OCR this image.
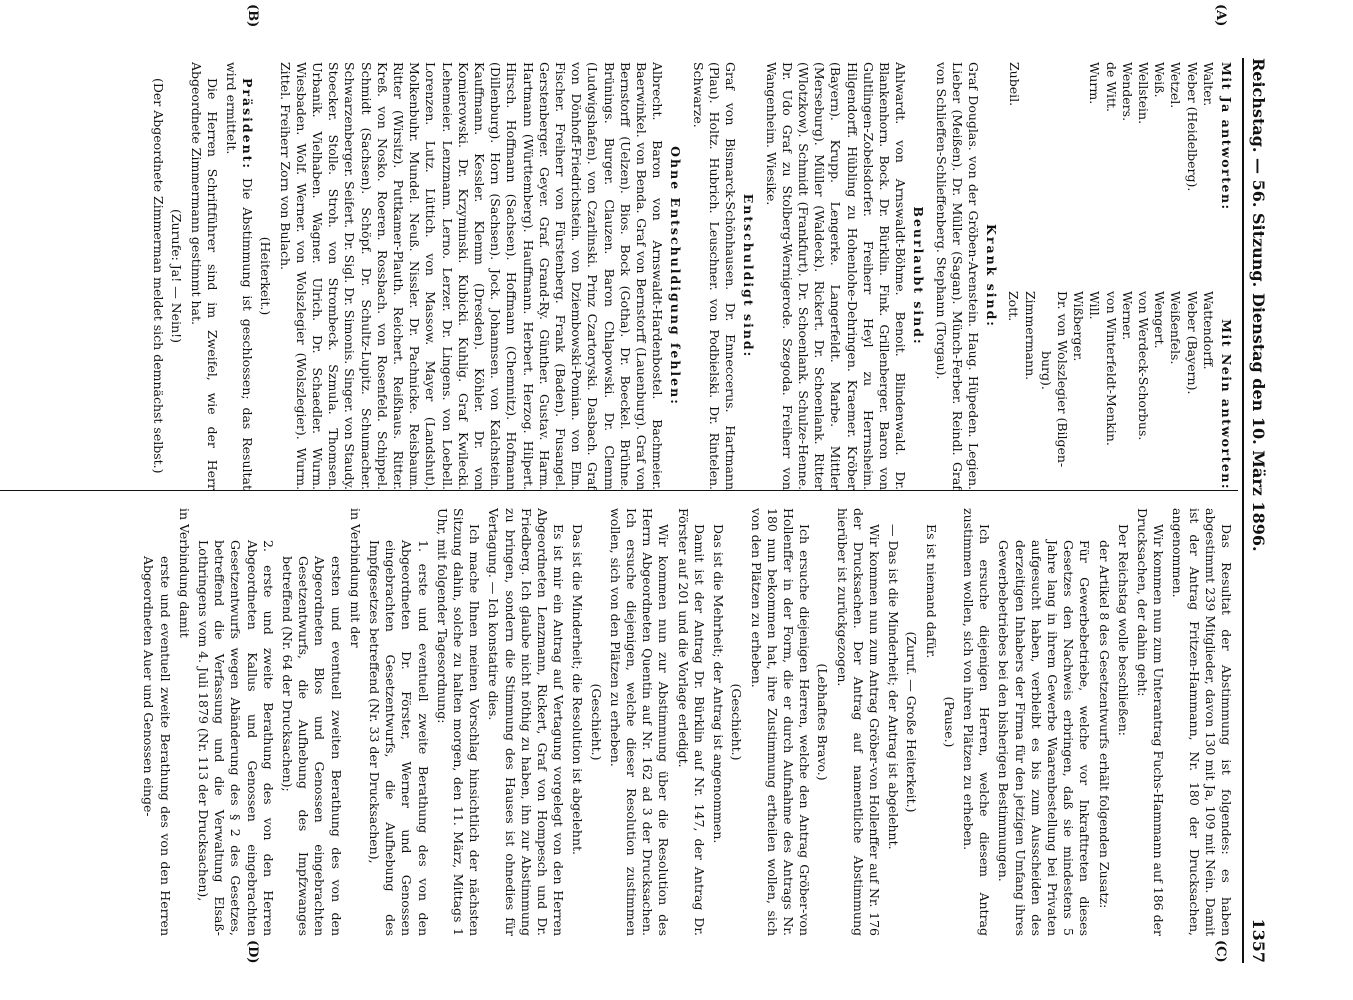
Reichstag. — 56. Sitzung.
Dienstag den 10. März 1896.
1357
(A)
(B)
(C)
(D)
Mit Ja antworten:
Mit Nein antworten:
Walter.
Weber (Heidelberg).
Wetzel.
Weiß.
Wellstein.
Wenders.
de Witt.
Wurm.
Zubeil.
Wattendorff.
Weber (Bayern).
Weißenfels.
Wengert.
von Werdeck-Schorbus.
Werner.
von Winterfeldt-Menkin.
Will.
Wißberger.
Dr. von Wolszlegier (Bilgen-
burg).
Zimmermann.
Zott.
Krank sind:

Graf Douglas. von der Gröben-Arenstein. Haug. Hüpeden. Legien. Lieber (Meißen). Dr. Müller (Sagan). Münch-Ferber. Reindl. Graf von Schlieffen-Schlieffenberg. Stephann (Torgau).

Beurlaubt sind:

Ahlwardt. von Arnswaldt-Böhme. Benoit. Blindenwald. Dr. Blankenhorn. Bock. Dr. Bürklin. Fink. Grillenberger. Baron von Gultlingen-Zobelsdorfer. Freiherr Heyl zu Herrnsheim. Hilgendorff. Hübling zu Hohenlohe-Dehringen. Kraemer. Kröber (Bayern). Krupp. Lengerke. Langerfeldt. Marbe. Mittler (Merseburg). Müller (Waldeck). Rickert. Dr. Schoenlank. Ritter (Wlotzkow). Schmidt (Frankfurt). Dr. Schoenlank. Schulze-Henne. Dr. Udo Graf zu Stolberg-Wernigerode. Szegoda. Freiherr von Wangenheim. Wiesike.

Entschuldigt sind:

Graf von Bismarck-Schönhausen. Dr. Enneccerus. Hartmann (Plau). Holtz. Hubrich. Leuschner. von Podbielski. Dr. Rintelen. Schwarze.

Ohne Entschuldigung fehlen:

Albrecht. Baron von Arnswaldt-Hardenbostel. Bachmeier. Baerwinkel. von Benda. Graf von Bernstorff (Lauenburg). Graf von Bernstorff (Uelzen). Bios. Bock (Gotha). Dr. Boeckel. Brühne. Brünings. Burger. Clauzen. Baron Chlapowski. Dr. Clemm (Ludwigshafen). von Czarlinski. Prinz Czartoryski. Dasbach. Graf von Dönhoff-Friedrichstein. von Dziembowski-Pomian. von Elm. Fischer. Freiherr von Fürstenberg. Frank (Baden). Fusangel. Gerstenberger. Geyer. Graf. Grand-Ry. Günther. Gustav. Harm. Hartmann (Württemberg). Hauffmann. Herbert. Herzog. Hilpert. Hirsch. Hoffmann (Sachsen). Hoffmann (Chemnitz). Hofmann (Dillenburg). Horn (Sachsen). Jock. Johannsen. von Kalchstein. Kauffmann. Kessler. Klemm (Dresden). Köhler. Dr. von Komierowski. Dr. Krzyminski. Kubicki. Kuhlig. Graf Kwilecki. Lehemeier. Lenzmann. Lerno. Lerzer. Dr. Lingens. von Loebell. Lorenzen. Lutz. Lüttich. von Massow. Mayer (Landshut). Molkenbuhr. Mundel. Neuß. Nissler. Dr. Pachnicke. Reisbaum. Ritter (Wirsitz). Puttkamer-Plauth. Reichert. Reißhaus. Ritter. Kreß. von Nosko. Roeren. Rossbach. von Rosenfeld. Schippel. Schmidt (Sachsen). Schöpf. Dr. Schultz-Lupitz. Schumacher. Schwarzenberger. Seifert. Dr. Sigl. Dr. Simonis. Singer. von Staudy. Stoecker. Stolle. Stroh. von Strombeck. Szmula. Thomsen. Urbanik. Vielhaben. Wagner. Ulrich. Dr. Schaedler. Wurm. Wiesbaden. Wolf. Werner. von Wolszlegier (Wolszlegier). Wurm. Zittel. Freiherr Zorn von Bulach.

(Heiterkeit.)

Präsident: Die Abstimmung ist geschlossen; das Resultat wird ermittelt.

Die Herren Schriftführer sind im Zweifel, wie der Herr Abgeordnete Zimmermann gestimmt hat.

(Zurufe: Ja! — Nein!)

(Der Abgeordnete Zimmerman meldet sich demnächst selbst.)

Das Resultat der Abstimmung ist folgendes: es haben abgestimmt 239 Mitglieder, davon 130 mit Ja, 109 mit Nein. Damit ist der Antrag Fritzen-Hammann, Nr. 180 der Drucksachen, angenommen.

Wir kommen nun zum Unterantrag Fuchs-Hammann auf 186 der Drucksachen, der dahin geht:

Der Reichstag wolle beschließen:

der Artikel 8 des Gesetzentwurfs erhält folgenden Zusatz:

Für Gewerbebetriebe, welche vor Inkrafttreten dieses Gesetzes den Nachweis erbringen, daß sie mindestens 5 Jahre lang in ihrem Gewerbe Waarenbestellung bei Privaten aufgesucht haben, verbleibt es bis zum Ausscheiden des derzeitigen Inhabers der Firma für den jetzigen Umfang ihres Gewerbebetriebes bei den bisherigen Bestimmungen.

Ich ersuche diejenigen Herren, welche diesem Antrag zustimmen wollen, sich von ihren Plätzen zu erheben.

(Pause.)

Es ist niemand dafür.

(Zuruf. — Große Heiterkeit.)

— Das ist die Minderheit; der Antrag ist abgelehnt.

Wir kommen nun zum Antrag Gröber-von Hollenffer auf Nr. 176 der Drucksachen. Der Antrag auf namentliche Abstimmung hierüber ist zurückgezogen.

(Lebhaftes Bravo.)

Ich ersuche diejenigen Herren, welche den Antrag Gröber-von Hollenffer in der Form, die er durch Aufnahme des Antrags Nr. 180 nun bekommen hat, ihre Zustimmung ertheilen wollen, sich von den Plätzen zu erheben.

(Geschieht.)

Das ist die Mehrheit; der Antrag ist angenommen.

Damit ist der Antrag Dr. Bürklin auf Nr. 147, der Antrag Dr. Förster auf 201 und die Vorlage erledigt.

Wir kommen nun zur Abstimmung über die Resolution des Herrn Abgeordneten Quentin auf Nr. 162 ad 3 der Drucksachen. Ich ersuche diejenigen, welche dieser Resolution zustimmen wollen, sich von den Plätzen zu erheben.

(Geschieht.)

Das ist die Minderheit; die Resolution ist abgelehnt.

Es ist mir ein Antrag auf Vertagung vorgelegt von den Herren Abgeordneten Lenzmann, Rickert, Graf von Hompesch und Dr. Friedberg. Ich glaube nicht nöthig zu haben, ihn zur Abstimmung zu bringen, sondern die Stimmung des Hauses ist ohnedies für Vertagung. — Ich konstatire dies.

Ich mache Ihnen meinen Vorschlag hinsichtlich der nächsten Sitzung dahin, solche zu halten morgen, den 11. März, Mittags 1 Uhr, mit folgender Tagesordnung:

1. erste und eventuell zweite Berathung des von den Abgeordneten Dr. Förster, Werner und Genossen eingebrachten Gesetzentwurfs, die Aufhebung des Impfgesetzes betreffend (Nr. 33 der Drucksachen),

in Verbindung mit der

ersten und eventuell zweiten Berathung des von den Abgeordneten Blos und Genossen eingebrachten Gesetzentwurfs, die Aufhebung des Impfzwanges betreffend (Nr. 64 der Drucksachen);

2. erste und zweite Berathung des von den Herren Abgeordneten Kallus und Genossen eingebrachten Gesetzentwurfs wegen Abänderung des § 2 des Gesetzes, betreffend die Verfassung und die Verwaltung Elsaß-Lothringens vom 4. Juli 1879 (Nr. 113 der Drucksachen),

in Verbindung damit

erste und eventuell zweite Berathung des von den Herren Abgeordneten Auer und Genossen einge-
